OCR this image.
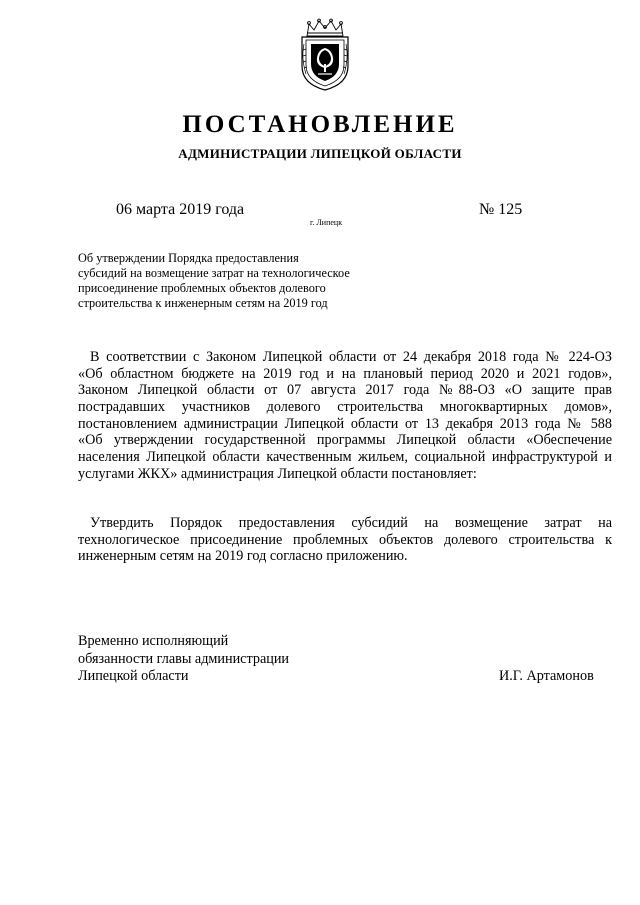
ПОСТАНОВЛЕНИЕ
АДМИНИСТРАЦИИ ЛИПЕЦКОЙ ОБЛАСТИ
06 марта 2019 года
г. Липецк
№ 125
Об утверждении Порядка предоставления
субсидий на возмещение затрат на технологическое
присоединение проблемных объектов долевого
строительства к инженерным сетям на 2019 год
В соответствии с Законом Липецкой области от 24 декабря 2018 года № 224-ОЗ
«Об областном бюджете на 2019 год и на плановый период 2020 и 2021 годов»,
Законом Липецкой области от 07 августа 2017 года №88-ОЗ «О защите прав
пострадавших участников долевого строительства многоквартирных домов»,
постановлением администрации Липецкой области от 13 декабря 2013 года № 588
«Об утверждении государственной программы Липецкой области «Обеспечение
населения Липецкой области качественным жильем, социальной инфраструктурой и
услугами ЖКХ» администрация Липецкой области постановляет:
Утвердить Порядок предоставления субсидий на возмещение затрат на
технологическое присоединение проблемных объектов долевого строительства к
инженерным сетям на 2019 год согласно приложению.
Временно исполняющий
обязанности главы администрации
Липецкой области	И.Г. Артамонов
